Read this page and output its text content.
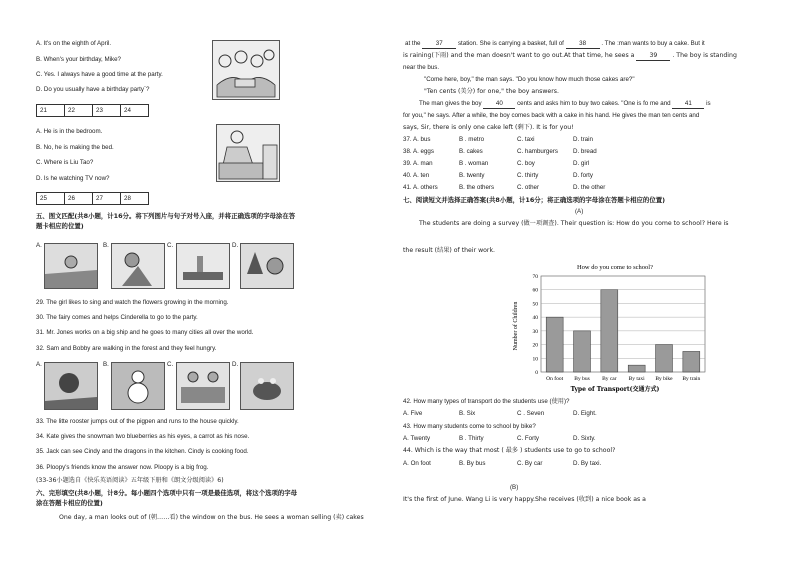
A. It's on the eighth of April.
B. When's your birthday, Mike?
C. Yes. I always have a good time at the party.
D. Do you usually have a birthday party`?
21	22	23	24
A. He is in the bedroom.
B. No, he is making the bed.
C. Where is Liu Tao?
D. Is he watching TV now?
25	26	27	28
五、图文匹配(共8小题，计16分。将下列图片与句子对号入座，并将正确选项的字母涂在答题卡相应的位置)
A.	B.	C.	D.
29. The girl likes to sing and watch the flowers growing in the morning.
30. The fairy comes and helps Cinderella to go to the party.
31. Mr. Jones works on a big ship and he goes to many cities all over the world.
32. Sam and Bobby are walking in the forest and they feel hungry.
A.	B.	C.	D.
33. The litte rooster jumps out of the pigpen and runs to the house quickly.
34. Kate gives the snowman two blueberries as his eyes, a carrot as his nose.
35. Jack can see Cindy and the dragons in the kitchen. Cindy is cooking food.
36. Ploopy's friends know the answer now. Ploopy is a big frog.
(33-36小题选自《快乐英语阅读》五年级下册和《朗文分级阅读》6)
六、完形填空(共8小题，计8分。每小题四个选项中只有一项是最佳选项，将这个选项的字母涂在答题卡相应的位置)
One day, a man looks out of (朝……看) the window on the bus. He sees a woman selling (卖) cakes
at the 37 station. She is carrying a basket, full of 38 . The :man wants to buy a cake. But it
is raining(下雨) and the man doesn't want to go out.At that time, he sees a 39 . The boy is standing
near the bus.
"Come here, boy," the man says. "Do you know how much those cakes are?"
"Ten cents (美分) for one," the boy answers.
The man gives the boy 40 cents and asks him to buy two cakes. "One is fo me and 41 is
for you," he says. After a while, the boy comes back with a cake in his hand. He gives the man ten cents and
says, Sir, there is only one cake left (剩下). It is for you!
37. A. bus	B . metro	C. taxi	D. train
38. A. eggs	B. cakes	C. hamburgers D. bread
39. A. man	B . woman	C. boy	D. girl
40. A. ten	B. twenty	C. thirty	D. forty
41. A. others	B. the others	C. other	D. the other
七、阅读短文并选择正确答案(共8小题，计16分；将正确选项的字母涂在答题卡相应的位置)
(A)
The students are doing a survey (做一项调查). Their question is: How do you come to school? Here is
the result (结果) of their work.
How do you come to school?
0
10
20
30
40
50
60
70
On foot By bus By car By taxi By bike By train
Number of Children
Type of Transport(交通方式)
42. How many types of transport do the students use (使用)?
A. Five	B. Six	C . Seven	D. Eight.
43. How many students come to school by bike?
A. Twenty	B . Thirty	C. Forty	D. Sixty.
44. Which is the way that most ( 最多 ) students use to go to school?
A. On foot	B. By bus	C. By car	D. By taxi.
(B)
It's the first of June. Wang Li is very happy.She receives (收到) a nice book as a
